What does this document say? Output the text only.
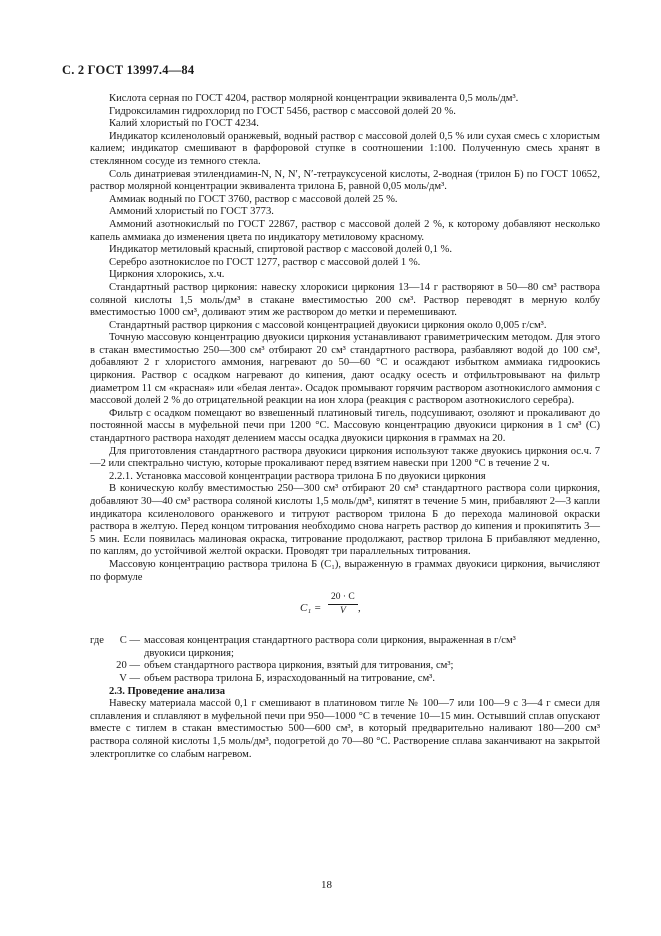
С. 2 ГОСТ 13997.4—84

Кислота серная по ГОСТ 4204, раствор молярной концентрации эквивалента 0,5 моль/дм³.

Гидроксиламин гидрохлорид по ГОСТ 5456, раствор с массовой долей 20 %.

Калий хлористый по ГОСТ 4234.

Индикатор ксиленоловый оранжевый, водный раствор с массовой долей 0,5 % или сухая смесь с хлористым калием; индикатор смешивают в фарфоровой ступке в соотношении 1:100. Полученную смесь хранят в стеклянном сосуде из темного стекла.

Соль динатриевая этилендиамин-N, N, N′, N′-тетрауксусеной кислоты, 2-водная (трилон Б) по ГОСТ 10652, раствор молярной концентрации эквивалента трилона Б, равной 0,05 моль/дм³.

Аммиак водный по ГОСТ 3760, раствор с массовой долей 25 %.

Аммоний хлористый по ГОСТ 3773.

Аммоний азотнокислый по ГОСТ 22867, раствор с массовой долей 2 %, к которому добавляют несколько капель аммиака до изменения цвета по индикатору метиловому красному.

Индикатор метиловый красный, спиртовой раствор с массовой долей 0,1 %.

Серебро азотнокислое по ГОСТ 1277, раствор с массовой долей 1 %.

Циркония хлорокись, х.ч.

Стандартный раствор циркония: навеску хлорокиси циркония 13—14 г растворяют в 50—80 см³ раствора соляной кислоты 1,5 моль/дм³ в стакане вместимостью 200 см³. Раствор переводят в мерную колбу вместимостью 1000 см³, доливают этим же раствором до метки и перемешивают.

Стандартный раствор циркония с массовой концентрацией двуокиси циркония около 0,005 г/см³.

Точную массовую концентрацию двуокиси циркония устанавливают гравиметрическим методом. Для этого в стакан вместимостью 250—300 см³ отбирают 20 см³ стандартного раствора, разбавляют водой до 100 см³, добавляют 2 г хлористого аммония, нагревают до 50—60 °С и осаждают избытком аммиака гидроокись циркония. Раствор с осадком нагревают до кипения, дают осадку осесть и отфильтровывают на фильтр диаметром 11 см «красная» или «белая лента». Осадок промывают горячим раствором азотнокислого аммония с массовой долей 2 % до отрицательной реакции на ион хлора (реакция с раствором азотнокислого серебра).

Фильтр с осадком помещают во взвешенный платиновый тигель, подсушивают, озоляют и прокаливают до постоянной массы в муфельной печи при 1200 °С. Массовую концентрацию двуокиси циркония в 1 см³ (C) стандартного раствора находят делением массы осадка двуокиси циркония в граммах на 20.

Для приготовления стандартного раствора двуокиси циркония используют также двуокись циркония ос.ч. 7—2 или спектрально чистую, которые прокаливают перед взятием навески при 1200 °С в течение 2 ч.

2.2.1. Установка массовой концентрации раствора трилона Б по двуокиси циркония

В коническую колбу вместимостью 250—300 см³ отбирают 20 см³ стандартного раствора соли циркония, добавляют 30—40 см³ раствора соляной кислоты 1,5 моль/дм³, кипятят в течение 5 мин, прибавляют 2—3 капли индикатора ксиленолового оранжевого и титруют раствором трилона Б до перехода малиновой окраски раствора в желтую. Перед концом титрования необходимо снова нагреть раствор до кипения и прокипятить 3—5 мин. Если появилась малиновая окраска, титрование продолжают, раствор трилона Б прибавляют медленно, по каплям, до устойчивой желтой окраски. Проводят три параллельных титрования.

Массовую концентрацию раствора трилона Б (C₁), выраженную в граммах двуокиси циркония, вычисляют по формуле

$C_1 = \frac{20 \cdot C}{V}$ ,
где	C — массовая концентрация стандартного раствора соли циркония, выраженная в г/см³
двуокиси циркония;
20 — объем стандартного раствора циркония, взятый для титрования, см³;
V — объем раствора трилона Б, израсходованный на титрование, см³.

2.3. Проведение анализа

Навеску материала массой 0,1 г смешивают в платиновом тигле № 100—7 или 100—9 с 3—4 г смеси для сплавления и сплавляют в муфельной печи при 950—1000 °С в течение 10—15 мин. Остывший сплав опускают вместе с тиглем в стакан вместимостью 500—600 см³, в который предварительно наливают 180—200 см³ раствора соляной кислоты 1,5 моль/дм³, подогретой до 70—80 °С. Растворение сплава заканчивают на закрытой электроплитке со слабым нагревом.

18
